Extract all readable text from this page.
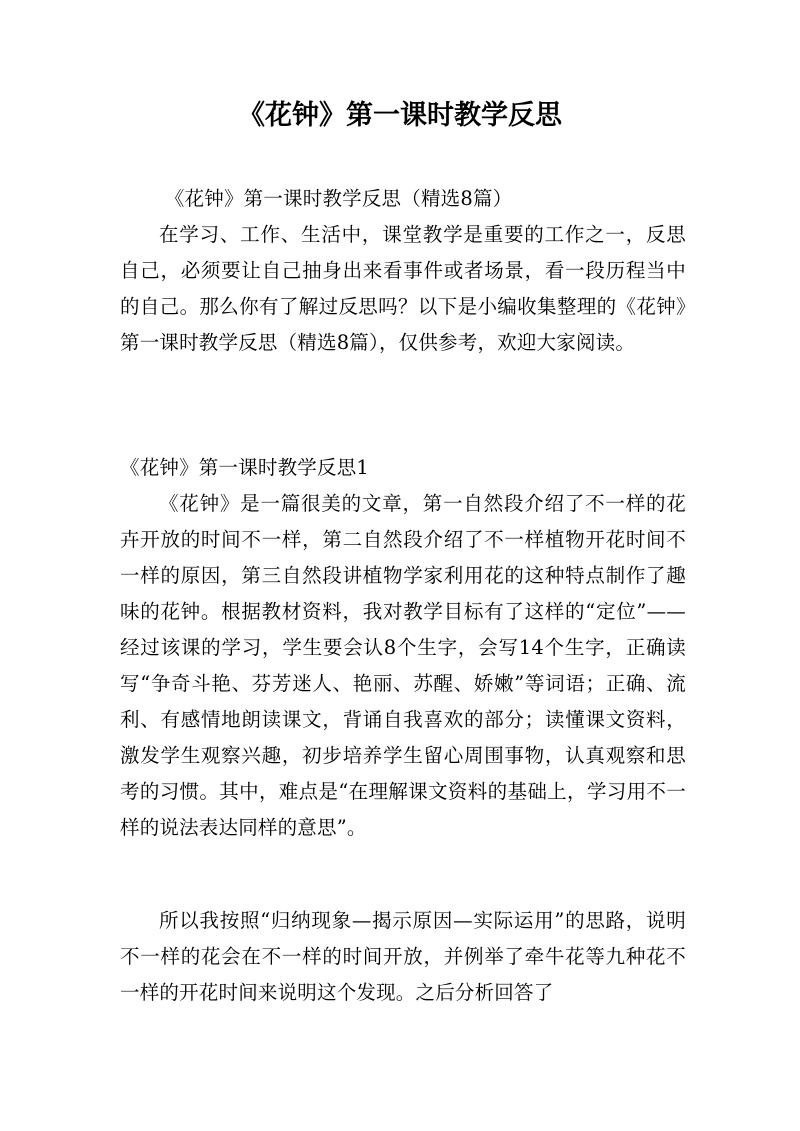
《花钟》第一课时教学反思

《花钟》第一课时教学反思（精选8篇）

在学习、工作、生活中，课堂教学是重要的工作之一，反思自己，必须要让自己抽身出来看事件或者场景，看一段历程当中的自己。那么你有了解过反思吗？以下是小编收集整理的《花钟》第一课时教学反思（精选8篇），仅供参考，欢迎大家阅读。

《花钟》第一课时教学反思1

《花钟》是一篇很美的文章，第一自然段介绍了不一样的花卉开放的时间不一样，第二自然段介绍了不一样植物开花时间不一样的原因，第三自然段讲植物学家利用花的这种特点制作了趣味的花钟。根据教材资料，我对教学目标有了这样的“定位”——经过该课的学习，学生要会认8个生字，会写14个生字，正确读写“争奇斗艳、芬芳迷人、艳丽、苏醒、娇嫩”等词语；正确、流利、有感情地朗读课文，背诵自我喜欢的部分；读懂课文资料，激发学生观察兴趣，初步培养学生留心周围事物，认真观察和思考的习惯。其中，难点是“在理解课文资料的基础上，学习用不一样的说法表达同样的意思”。

所以我按照“归纳现象—揭示原因—实际运用”的思路，说明不一样的花会在不一样的时间开放，并例举了牵牛花等九种花不一样的开花时间来说明这个发现。之后分析回答了
